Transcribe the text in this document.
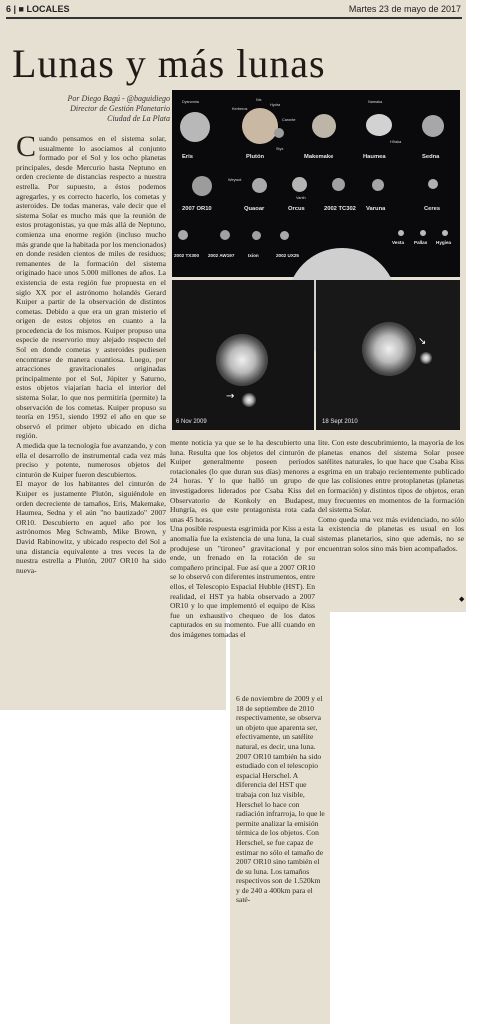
6 | ■ LOCALES	Martes 23 de mayo de 2017
Lunas y más lunas
Por Diego Bagú - @baguidiego
Director de Gestión Planetario
Ciudad de La Plata

Cuando pensamos en el sistema solar, usualmente lo asociamos al conjunto formado por el Sol y los ocho planetas principales, desde Mercurio hasta Neptuno en orden creciente de distancias respecto a nuestra estrella. Por supuesto, a éstos podemos agregarles, y es correcto hacerlo, los cometas y asteroides. De todas maneras, vale decir que el sistema Solar es mucho más que la reunión de estos protagonistas, ya que más allá de Neptuno, comienza una enorme región (incluso mucho más grande que la habitada por los mencionados) en donde residen cientos de miles de residuos; remanentes de la formación del sistema originado hace unos 5.000 millones de años. La existencia de esta región fue propuesta en el siglo XX por el astrónomo holandés Gerard Kuiper a partir de la observación de distintos cometas. Debido a que era un gran misterio el origen de estos objetos en cuanto a la procedencia de los mismos. Kuiper propuso una especie de reservorio muy alejado respecto del Sol en donde cometas y asteroides pudiesen encontrarse de manera cuantiosa. Luego, por atracciones gravitacionales originadas principalmente por el Sol, Júpiter y Saturno, estos objetos viajarían hacia el interior del sistema Solar, lo que nos permitiría (permite) la observación de los cometas. Kuiper propuso su teoría en 1951, siendo 1992 el año en que se observó el primer objeto ubicado en dicha región.

A medida que la tecnología fue avanzando, y con ella el desarrollo de instrumental cada vez más preciso y potente, numerosos objetos del cinturón de Kuiper fueron descubiertos.

El mayor de los habitantes del cinturón de Kuiper es justamente Plutón, siguiéndole en orden decreciente de tamaños, Eris, Makemake, Haumea, Sedna y el aún "no bautizado" 2007 OR10. Descubierto en aquel año por los astrónomos Meg Schwamb, Mike Brown, y David Rabinowitz, y ubicado respecto del Sol a una distancia equivalente a tres veces la de nuestra estrella a Plutón, 2007 OR10 ha sido nueva-

Eris	Plutón	Makemake	Haumea	Sedna
2007 OR10	Quaoar	Orcus	2002 TC302 Varuna	Ceres
2002 TX300 2002 AW197	Ixion	2002 UX25
Vesta Pallas Hygiea
Dysnomia	Nix
Hydra
Kerberos
Styx
Caronte
Namaka
Hi'iaka
Weywot
Vanth
→
6 Nov 2009
↘
18 Sept 2010

mente noticia ya que se le ha descubierto una luna. Resulta que los objetos del cinturón de Kuiper generalmente poseen períodos rotacionales (lo que duran sus días) menores a 24 horas. Y lo que halló un grupo de investigadores liderados por Csaba Kiss del Observatorio de Konkoly en Budapest, Hungría, es que este protagonista rota cada unas 45 horas.

Una posible respuesta esgrimida por Kiss a esta anomalía fue la existencia de una luna, la cual produjese un "tironeo" gravitacional y por ende, un frenado en la rotación de su compañero principal. Fue así que a 2007 OR10 se lo observó con diferentes instrumentos, entre ellos, el Telescopio Espacial Hubble (HST). En realidad, el HST ya había observado a 2007 OR10 y lo que implementó el equipo de Kiss fue un exhaustivo chequeo de los datos capturados en su momento. Fue allí cuando en dos imágenes tomadas el

lite. Con este descubrimiento, la mayoría de los planetas enanos del sistema Solar posee satélites naturales, lo que hace que Csaba Kiss esgrima en un trabajo recientemente publicado que las colisiones entre protoplanetas (planetas en formación) y distintos tipos de objetos, eran muy frecuentes en momentos de la formación del sistema Solar.

Como queda una vez más evidenciado, no sólo la existencia de planetas es usual en los sistemas planetarios, sino que además, no se encuentran solos sino más bien acompañados.

◆

6 de noviembre de 2009 y el 18 de septiembre de 2010 respectivamente, se observa un objeto que aparenta ser, efectivamente, un satélite natural, es decir, una luna. 2007 OR10 también ha sido estudiado con el telescopio espacial Herschel. A diferencia del HST que trabaja con luz visible, Herschel lo hace con radiación infrarroja, lo que le permite analizar la emisión térmica de los objetos. Con Herschel, se fue capaz de estimar no sólo el tamaño de 2007 OR10 sino también el de su luna. Los tamaños respectivos son de 1.520km y de 240 a 400km para el saté-
